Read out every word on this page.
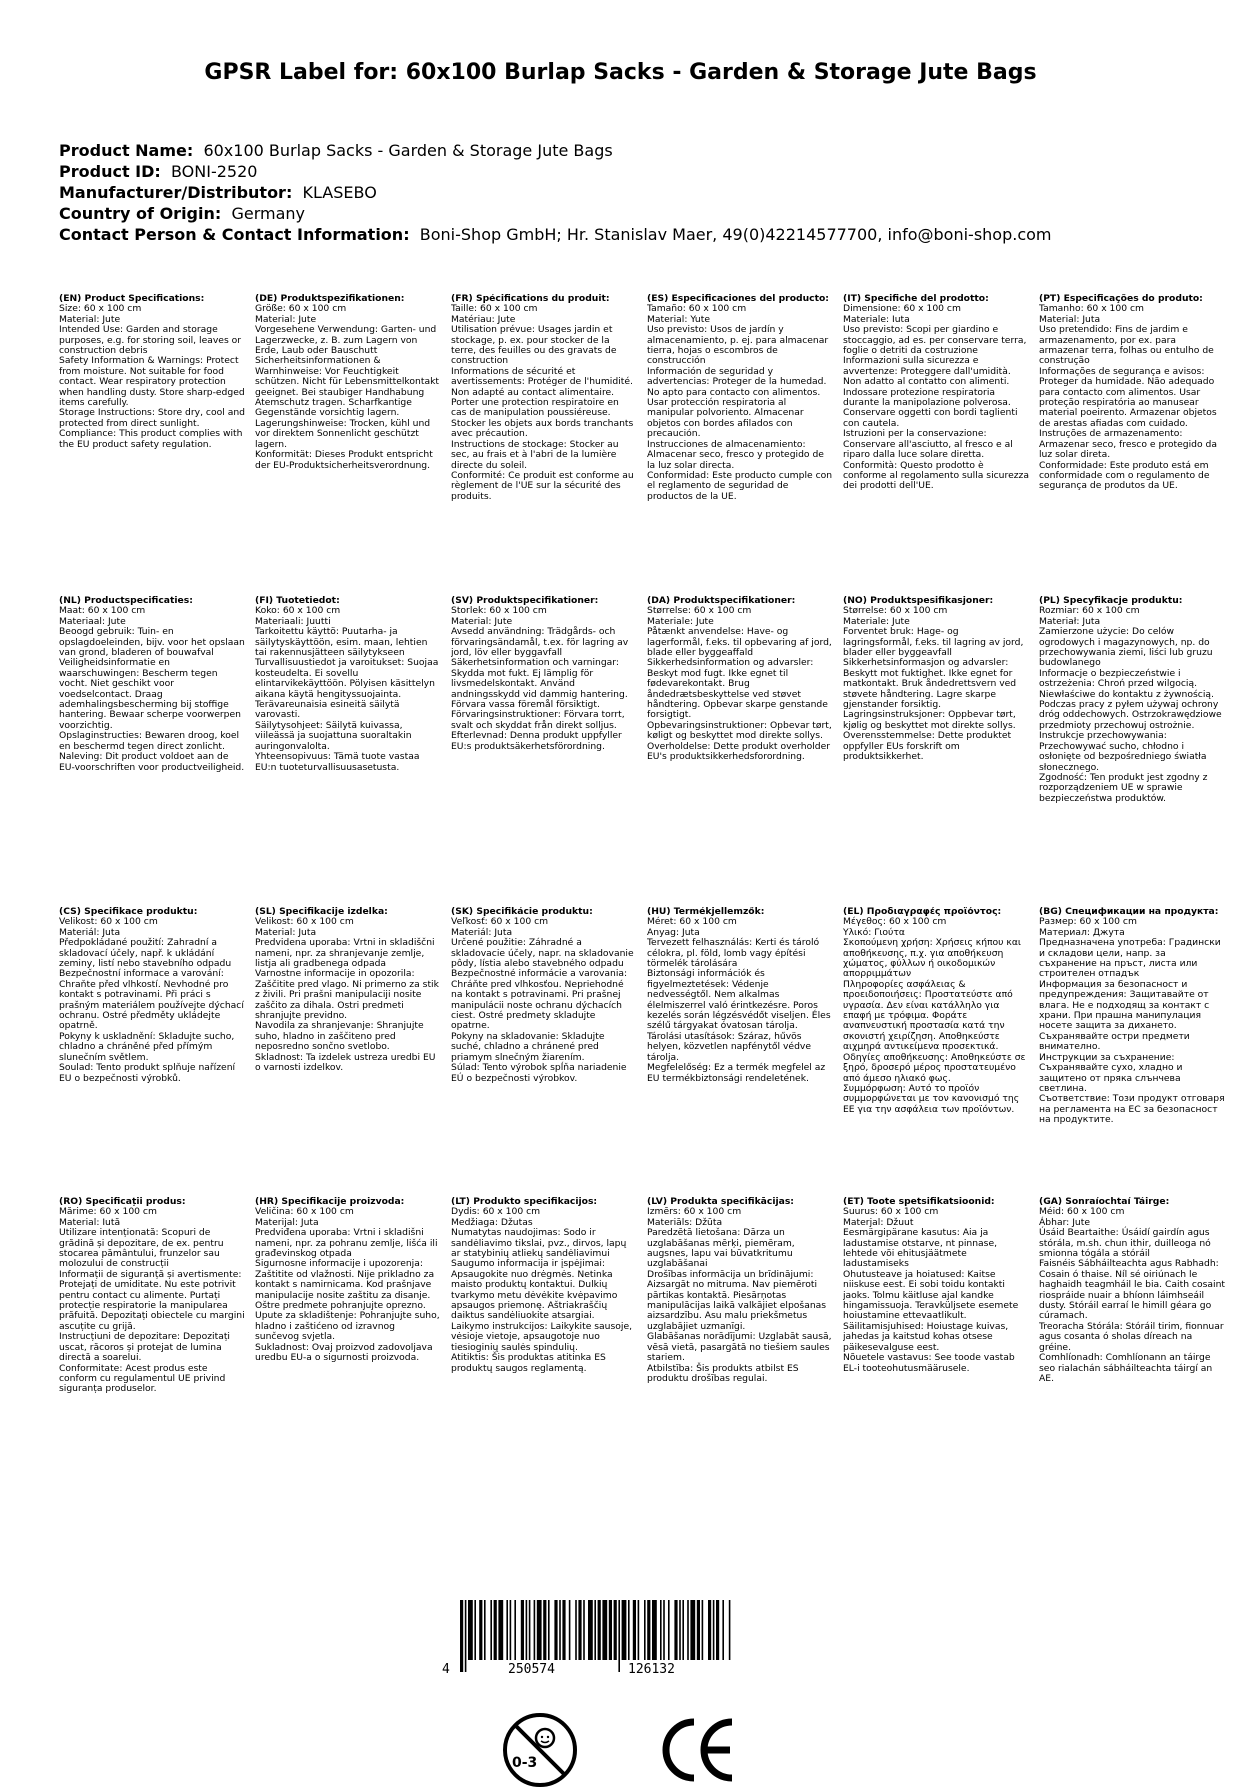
GPSR Label for: 60x100 Burlap Sacks - Garden & Storage Jute Bags
Product Name: 60x100 Burlap Sacks - Garden & Storage Jute Bags
Product ID: BONI-2520
Manufacturer/Distributor: KLASEBO
Country of Origin: Germany
Contact Person & Contact Information: Boni-Shop GmbH; Hr. Stanislav Maer, 49(0)42214577700, info@boni-shop.com
(EN) Product Specifications:
Size: 60 x 100 cm
Material: Jute
Intended Use: Garden and storage purposes, e.g. for storing soil, leaves or construction debris
Safety Information & Warnings: Protect from moisture. Not suitable for food contact. Wear respiratory protection when handling dusty. Store sharp-edged items carefully.
Storage Instructions: Store dry, cool and protected from direct sunlight.
Compliance: This product complies with the EU product safety regulation.
(DE) Produktspezifikationen:
Größe: 60 x 100 cm
Material: Jute
Vorgesehene Verwendung: Garten- und Lagerzwecke, z. B. zum Lagern von Erde, Laub oder Bauschutt
Sicherheitsinformationen & Warnhinweise: Vor Feuchtigkeit schützen. Nicht für Lebensmittelkontakt geeignet. Bei staubiger Handhabung Atemschutz tragen. Scharfkantige Gegenstände vorsichtig lagern.
Lagerungshinweise: Trocken, kühl und vor direktem Sonnenlicht geschützt lagern.
Konformität: Dieses Produkt entspricht der EU-Produktsicherheitsverordnung.
(FR) Spécifications du produit:
Taille: 60 x 100 cm
Matériau: Jute
Utilisation prévue: Usages jardin et stockage, p. ex. pour stocker de la terre, des feuilles ou des gravats de construction
Informations de sécurité et avertissements: Protéger de l'humidité. Non adapté au contact alimentaire. Porter une protection respiratoire en cas de manipulation poussiéreuse. Stocker les objets aux bords tranchants avec précaution.
Instructions de stockage: Stocker au sec, au frais et à l'abri de la lumière directe du soleil.
Conformité: Ce produit est conforme au règlement de l'UE sur la sécurité des produits.
(ES) Especificaciones del producto:
Tamaño: 60 x 100 cm
Material: Yute
Uso previsto: Usos de jardín y almacenamiento, p. ej. para almacenar tierra, hojas o escombros de construcción
Información de seguridad y advertencias: Proteger de la humedad. No apto para contacto con alimentos. Usar protección respiratoria al manipular polvoriento. Almacenar objetos con bordes afilados con precaución.
Instrucciones de almacenamiento: Almacenar seco, fresco y protegido de la luz solar directa.
Conformidad: Este producto cumple con el reglamento de seguridad de productos de la UE.
(IT) Specifiche del prodotto:
Dimensione: 60 x 100 cm
Materiale: Iuta
Uso previsto: Scopi per giardino e stoccaggio, ad es. per conservare terra, foglie o detriti da costruzione
Informazioni sulla sicurezza e avvertenze: Proteggere dall'umidità. Non adatto al contatto con alimenti. Indossare protezione respiratoria durante la manipolazione polverosa. Conservare oggetti con bordi taglienti con cautela.
Istruzioni per la conservazione: Conservare all'asciutto, al fresco e al riparo dalla luce solare diretta.
Conformità: Questo prodotto è conforme al regolamento sulla sicurezza dei prodotti dell'UE.
(PT) Especificações do produto:
Tamanho: 60 x 100 cm
Material: Juta
Uso pretendido: Fins de jardim e armazenamento, por ex. para armazenar terra, folhas ou entulho de construção
Informações de segurança e avisos: Proteger da humidade. Não adequado para contacto com alimentos. Usar proteção respiratória ao manusear material poeirento. Armazenar objetos de arestas afiadas com cuidado.
Instruções de armazenamento: Armazenar seco, fresco e protegido da luz solar direta.
Conformidade: Este produto está em conformidade com o regulamento de segurança de produtos da UE.
(NL) Productspecificaties:
Maat: 60 x 100 cm
Materiaal: Jute
Beoogd gebruik: Tuin- en opslagdoeleinden, bijv. voor het opslaan van grond, bladeren of bouwafval
Veiligheidsinformatie en waarschuwingen: Bescherm tegen vocht. Niet geschikt voor voedselcontact. Draag ademhalingsbescherming bij stoffige hantering. Bewaar scherpe voorwerpen voorzichtig.
Opslaginstructies: Bewaren droog, koel en beschermd tegen direct zonlicht.
Naleving: Dit product voldoet aan de EU-voorschriften voor productveiligheid.
(FI) Tuotetiedot:
Koko: 60 x 100 cm
Materiaali: Juutti
Tarkoitettu käyttö: Puutarha- ja säilytyskäyttöön, esim. maan, lehtien tai rakennusjätteen säilytykseen
Turvallisuustiedot ja varoitukset: Suojaa kosteudelta. Ei sovellu elintarvikekäyttöön. Pölyisen käsittelyn aikana käytä hengityssuojainta. Terävareunaisia esineitä säilytä varovasti.
Säilytysohjeet: Säilytä kuivassa, viileässä ja suojattuna suoraltakin auringonvalolta.
Yhteensopivuus: Tämä tuote vastaa EU:n tuoteturvallisuusasetusta.
(SV) Produktspecifikationer:
Storlek: 60 x 100 cm
Material: Jute
Avsedd användning: Trädgårds- och förvaringsändamål, t.ex. för lagring av jord, löv eller byggavfall
Säkerhetsinformation och varningar: Skydda mot fukt. Ej lämplig för livsmedelskontakt. Använd andningsskydd vid dammig hantering. Förvara vassa föremål försiktigt.
Förvaringsinstruktioner: Förvara torrt, svalt och skyddat från direkt solljus.
Efterlevnad: Denna produkt uppfyller EU:s produktsäkerhetsförordning.
(DA) Produktspecifikationer:
Størrelse: 60 x 100 cm
Materiale: Jute
Påtænkt anvendelse: Have- og lagerformål, f.eks. til opbevaring af jord, blade eller byggeaffald
Sikkerhedsinformation og advarsler: Beskyt mod fugt. Ikke egnet til fødevarekontakt. Brug åndedrætsbeskyttelse ved støvet håndtering. Opbevar skarpe genstande forsigtigt.
Opbevaringsinstruktioner: Opbevar tørt, køligt og beskyttet mod direkte sollys.
Overholdelse: Dette produkt overholder EU's produktsikkerhedsforordning.
(NO) Produktspesifikasjoner:
Størrelse: 60 x 100 cm
Materiale: Jute
Forventet bruk: Hage- og lagringsformål, f.eks. til lagring av jord, blader eller byggeavfall
Sikkerhetsinformasjon og advarsler: Beskytt mot fuktighet. Ikke egnet for matkontakt. Bruk åndedrettsvern ved støvete håndtering. Lagre skarpe gjenstander forsiktig.
Lagringsinstruksjoner: Oppbevar tørt, kjølig og beskyttet mot direkte sollys.
Overensstemmelse: Dette produktet oppfyller EUs forskrift om produktsikkerhet.
(PL) Specyfikacje produktu:
Rozmiar: 60 x 100 cm
Materiał: Juta
Zamierzone użycie: Do celów ogrodowych i magazynowych, np. do przechowywania ziemi, liści lub gruzu budowlanego
Informacje o bezpieczeństwie i ostrzeżenia: Chroń przed wilgocią. Niewłaściwe do kontaktu z żywnością. Podczas pracy z pyłem używaj ochrony dróg oddechowych. Ostrzokrawędziowe przedmioty przechowuj ostrożnie.
Instrukcje przechowywania: Przechowywać sucho, chłodno i osłonięte od bezpośredniego światła słonecznego.
Zgodność: Ten produkt jest zgodny z rozporządzeniem UE w sprawie bezpieczeństwa produktów.
(CS) Specifikace produktu:
Velikost: 60 x 100 cm
Materiál: Juta
Předpokládané použití: Zahradní a skladovací účely, např. k ukládání zeminy, listí nebo stavebního odpadu
Bezpečnostní informace a varování: Chraňte před vlhkostí. Nevhodné pro kontakt s potravinami. Při práci s prašným materiálem používejte dýchací ochranu. Ostré předměty ukládejte opatrně.
Pokyny k uskladnění: Skladujte suchо, chladno a chráněné před přímým slunečním světlem.
Soulad: Tento produkt splňuje nařízení EU o bezpečnosti výrobků.
(SL) Specifikacije izdelka:
Velikost: 60 x 100 cm
Material: Juta
Predvidena uporaba: Vrtni in skladiščni nameni, npr. za shranjevanje zemlje, listja ali gradbenega odpada
Varnostne informacije in opozorila: Zaščitite pred vlago. Ni primerno za stik z živili. Pri prašni manipulaciji nosite zaščito za dihala. Ostri predmeti shranjujte previdno.
Navodila za shranjevanje: Shranjujte suho, hladno in zaščiteno pred neposredno sončno svetlobo.
Skladnost: Ta izdelek ustreza uredbi EU o varnosti izdelkov.
(SK) Špecifikácie produktu:
Veľkosť: 60 x 100 cm
Materiál: Juta
Určené použitie: Záhradné a skladovacie účely, napr. na skladovanie pôdy, lístia alebo stavebného odpadu
Bezpečnostné informácie a varovania: Chráňte pred vlhkosťou. Nepriehodné na kontakt s potravinami. Pri prašnej manipulácii noste ochranu dýchacích ciest. Ostré predmety skladujte opatrne.
Pokyny na skladovanie: Skladujte suché, chladno a chránené pred priamym slnečným žiarením.
Súlad: Tento výrobok spĺňa nariadenie EÚ o bezpečnosti výrobkov.
(HU) Termékjellemzők:
Méret: 60 x 100 cm
Anyag: Juta
Tervezett felhasználás: Kerti és tároló célokra, pl. föld, lomb vagy építési törmelék tárolására
Biztonsági információk és figyelmeztetések: Védenje nedvességtől. Nem alkalmas élelmiszerrel való érintkezésre. Poros kezelés során légzésvédőt viseljen. Éles szélű tárgyakat óvatosan tárolja.
Tárolási utasítások: Száraz, hűvös helyen, közvetlen napfénytől védve tárolja.
Megfelelőség: Ez a termék megfelel az EU termékbiztonsági rendeletének.
(EL) Προδιαγραφές προϊόντος:
Μέγεθος: 60 x 100 cm
Υλικό: Γιούτα
Σκοπούμενη χρήση: Χρήσεις κήπου και αποθήκευσης, π.χ. για αποθήκευση χώματος, φύλλων ή οικοδομικών απορριμμάτων
Πληροφορίες ασφάλειας & προειδοποιήσεις: Προστατεύστε από υγρασία. Δεν είναι κατάλληλο για επαφή με τρόφιμα. Φοράτε αναπνευστική προστασία κατά την σκονιστή χειρίζηση. Αποθηκεύστε αιχμηρά αντικείμενα προσεκτικά.
Οδηγίες αποθήκευσης: Αποθηκεύστε σε ξηρό, δροσερό μέρος προστατευμένο από άμεσο ηλιακό φως.
Συμμόρφωση: Αυτό το προϊόν συμμορφώνεται με τον κανονισμό της ΕΕ για την ασφάλεια των προϊόντων.
(BG) Спецификации на продукта:
Размер: 60 x 100 cm
Материал: Джута
Предназначена употреба: Градински и складови цели, напр. за съхранение на пръст, листа или строителен отпадък
Информация за безопасност и предупреждения: Защитавайте от влага. Не е подходящ за контакт с храни. При прашна манипулация носете защита за дихането. Съхранявайте остри предмети внимателно.
Инструкции за съхранение: Съхранявайте сухо, хладно и защитено от пряка слънчева светлина.
Съответствие: Този продукт отговаря на регламента на ЕС за безопасност на продуктите.
(RO) Specificații produs:
Mărime: 60 x 100 cm
Material: Iută
Utilizare intenționată: Scopuri de grădină și depozitare, de ex. pentru stocarea pământului, frunzelor sau molozului de construcții
Informații de siguranță și avertismente: Protejați de umiditate. Nu este potrivit pentru contact cu alimente. Purtați protecție respiratorie la manipularea prăfuită. Depozitați obiectele cu margini ascuțite cu grijă.
Instrucțiuni de depozitare: Depozitați uscat, răcoros și protejat de lumina directă a soarelui.
Conformitate: Acest produs este conform cu regulamentul UE privind siguranța produselor.
(HR) Specifikacije proizvoda:
Veličina: 60 x 100 cm
Materijal: Juta
Predviđena uporaba: Vrtni i skladišni nameni, npr. za pohranu zemlje, lišća ili građevinskog otpada
Sigurnosne informacije i upozorenja: Zaštitite od vlažnosti. Nije prikladno za kontakt s namirnicama. Kod prašnjave manipulacije nosite zaštitu za disanje. Oštre predmete pohranjujte oprezno.
Upute za skladištenje: Pohranjujte suho, hladno i zaštićeno od izravnog sunčevog svjetla.
Sukladnost: Ovaj proizvod zadovoljava uredbu EU-a o sigurnosti proizvoda.
(LT) Produkto specifikacijos:
Dydis: 60 x 100 cm
Medžiaga: Džutas
Numatytas naudojimas: Sodo ir sandėliavimo tikslai, pvz., dirvos, lapų ar statybinių atliekų sandėliavimui
Saugumo informacija ir įspėjimai: Apsaugokite nuo drėgmės. Netinka maisto produktų kontaktui. Dulkių tvarkymo metu dėvėkite kvėpavimo apsaugos priemonę. Aštriakraščių daiktus sandėliuokite atsargiai.
Laikymo instrukcijos: Laikykite sausoje, vėsioje vietoje, apsaugotoje nuo tiesioginių saulės spindulių.
Atitiktis: Šis produktas atitinka ES produktų saugos reglamentą.
(LV) Produkta specifikācijas:
Izmērs: 60 x 100 cm
Materiāls: Džūta
Paredzētā lietošana: Dārza un uzglabāšanas mērķi, piemēram, augsnes, lapu vai būvatkritumu uzglabāšanai
Drošības informācija un brīdinājumi: Aizsargāt no mitruma. Nav piemēroti pārtikas kontaktā. Piesārņotas manipulācijas laikā valkājiet elpošanas aizsardzību. Asu malu priekšmetus uzglabājiet uzmanīgi.
Glabāšanas norādījumi: Uzglabāt sausā, vēsā vietā, pasargātā no tiešiem saules stariem.
Atbilstība: Šis produkts atbilst ES produktu drošības regulai.
(ET) Toote spetsifikatsioonid:
Suurus: 60 x 100 cm
Materjal: Džuut
Eesmärgipärane kasutus: Aia ja ladustamise otstarve, nt pinnase, lehtede või ehitusjäätmete ladustamiseks
Ohutusteave ja hoiatused: Kaitse niiskuse eest. Ei sobi toidu kontakti jaoks. Tolmu käitluse ajal kandke hingamissuoja. Teravküljsete esemete hoiustamine ettevaatlikult.
Säilitamisjuhised: Hoiustage kuivas, jahedas ja kaitstud kohas otsese päikesevalguse eest.
Nõuetele vastavus: See toode vastab EL-i tooteohutusmäärusele.
(GA) Sonraíochtaí Táirge:
Méid: 60 x 100 cm
Ábhar: Jute
Úsáid Beartaithe: Úsáidí gairdín agus stórála, m.sh. chun ithir, duilleoga nó smionna tógála a stóráil
Faisnéis Sábháilteachta agus Rabhadh: Cosain ó thaise. Níl sé oiriúnach le haghaidh teagmháil le bia. Caith cosaint riospráide nuair a bhíonn láimhseáil dusty. Stóráil earraí le himill géara go cúramach.
Treoracha Stórála: Stóráil tirim, fionnuar agus cosanta ó sholas díreach na gréine.
Comhlíonadh: Comhlíonann an táirge seo rialachán sábháilteachta táirgí an AE.
4	250574	126132
0-3
